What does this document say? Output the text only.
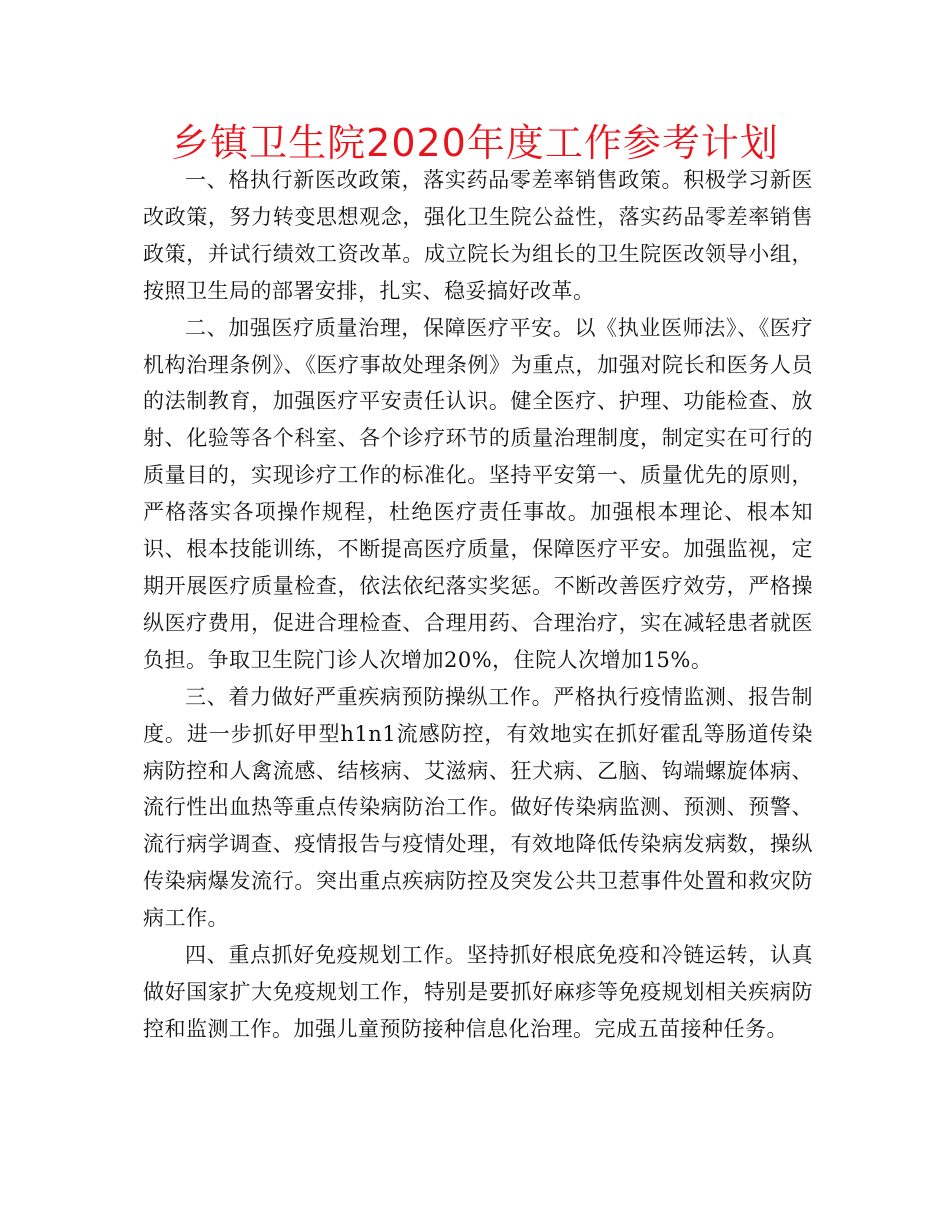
乡镇卫生院2020年度工作参考计划

一、格执行新医改政策，落实药品零差率销售政策。积极学习新医改政策，努力转变思想观念，强化卫生院公益性，落实药品零差率销售政策，并试行绩效工资改革。成立院长为组长的卫生院医改领导小组，按照卫生局的部署安排，扎实、稳妥搞好改革。

二、加强医疗质量治理，保障医疗平安。以《执业医师法》、《医疗机构治理条例》、《医疗事故处理条例》为重点，加强对院长和医务人员的法制教育，加强医疗平安责任认识。健全医疗、护理、功能检查、放射、化验等各个科室、各个诊疗环节的质量治理制度，制定实在可行的质量目的，实现诊疗工作的标准化。坚持平安第一、质量优先的原则，严格落实各项操作规程，杜绝医疗责任事故。加强根本理论、根本知识、根本技能训练，不断提高医疗质量，保障医疗平安。加强监视，定期开展医疗质量检查，依法依纪落实奖惩。不断改善医疗效劳，严格操纵医疗费用，促进合理检查、合理用药、合理治疗，实在减轻患者就医负担。争取卫生院门诊人次增加20%，住院人次增加15%。

三、着力做好严重疾病预防操纵工作。严格执行疫情监测、报告制度。进一步抓好甲型h1n1流感防控，有效地实在抓好霍乱等肠道传染病防控和人禽流感、结核病、艾滋病、狂犬病、乙脑、钩端螺旋体病、流行性出血热等重点传染病防治工作。做好传染病监测、预测、预警、流行病学调查、疫情报告与疫情处理，有效地降低传染病发病数，操纵传染病爆发流行。突出重点疾病防控及突发公共卫惹事件处置和救灾防病工作。

四、重点抓好免疫规划工作。坚持抓好根底免疫和冷链运转，认真做好国家扩大免疫规划工作，特别是要抓好麻疹等免疫规划相关疾病防控和监测工作。加强儿童预防接种信息化治理。完成五苗接种任务。
